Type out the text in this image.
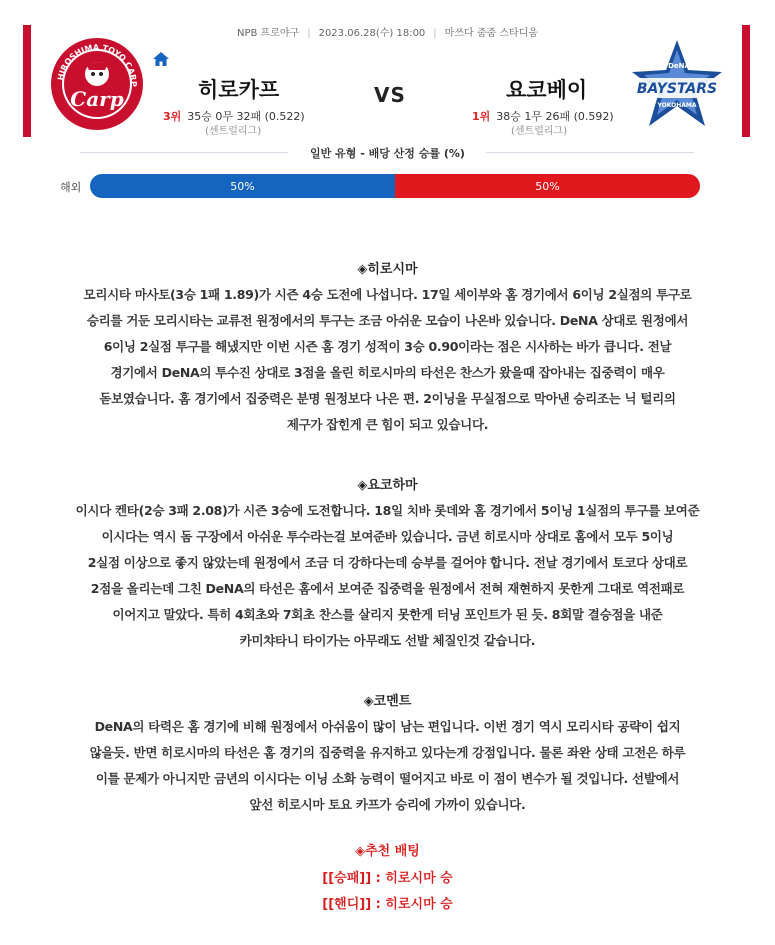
NPB 프로야구 | 2023.06.28(수) 18:00 | 마쓰다 줌줌 스타디움
HIROSHIMA TOYO CARP
Carp	히로카프	VS	요코베이
3위 35승 0무 32패 (0.522)
(센트럴리그)
1위 38승 1무 26패 (0.592)
(센트럴리그)
DeNA
BAYSTARS
YOKOHAMA
일반 유형 - 배당 산정 승률 (%)
해외	50%	50%
◈히로시마
모리시타 마사토(3승 1패 1.89)가 시즌 4승 도전에 나섭니다. 17일 세이부와 홈 경기에서 6이닝 2실점의 투구로
승리를 거둔 모리시타는 교류전 원정에서의 투구는 조금 아쉬운 모습이 나온바 있습니다. DeNA 상대로 원정에서
6이닝 2실점 투구를 해냈지만 이번 시즌 홈 경기 성적이 3승 0.90이라는 점은 시사하는 바가 큽니다. 전날
경기에서 DeNA의 투수진 상대로 3점을 올린 히로시마의 타선은 찬스가 왔을때 잡아내는 집중력이 매우
돋보였습니다. 홈 경기에서 집중력은 분명 원정보다 나은 편. 2이닝을 무실점으로 막아낸 승리조는 닉 털리의
제구가 잡힌게 큰 힘이 되고 있습니다.
◈요코하마
이시다 켄타(2승 3패 2.08)가 시즌 3승에 도전합니다. 18일 치바 롯데와 홈 경기에서 5이닝 1실점의 투구를 보여준
이시다는 역시 돔 구장에서 아쉬운 투수라는걸 보여준바 있습니다. 금년 히로시마 상대로 홈에서 모두 5이닝
2실점 이상으로 좋지 않았는데 원정에서 조금 더 강하다는데 승부를 걸어야 합니다. 전날 경기에서 토코다 상대로
2점을 올리는데 그친 DeNA의 타선은 홈에서 보여준 집중력을 원정에서 전혀 재현하지 못한게 그대로 역전패로
이어지고 말았다. 특히 4회초와 7회초 찬스를 살리지 못한게 터닝 포인트가 된 듯. 8회말 결승점을 내준
카미챠타니 타이가는 아무래도 선발 체질인것 같습니다.
◈코멘트
DeNA의 타력은 홈 경기에 비해 원정에서 아쉬움이 많이 남는 편입니다. 이번 경기 역시 모리시타 공략이 쉽지
않을듯. 반면 히로시마의 타선은 홈 경기의 집중력을 유지하고 있다는게 강점입니다. 물론 좌완 상태 고전은 하루
이틀 문제가 아니지만 금년의 이시다는 이닝 소화 능력이 떨어지고 바로 이 점이 변수가 될 것입니다. 선발에서
앞선 히로시마 토요 카프가 승리에 가까이 있습니다.
◈추천 배팅
[[승패]] : 히로시마 승
[[핸디]] : 히로시마 승
